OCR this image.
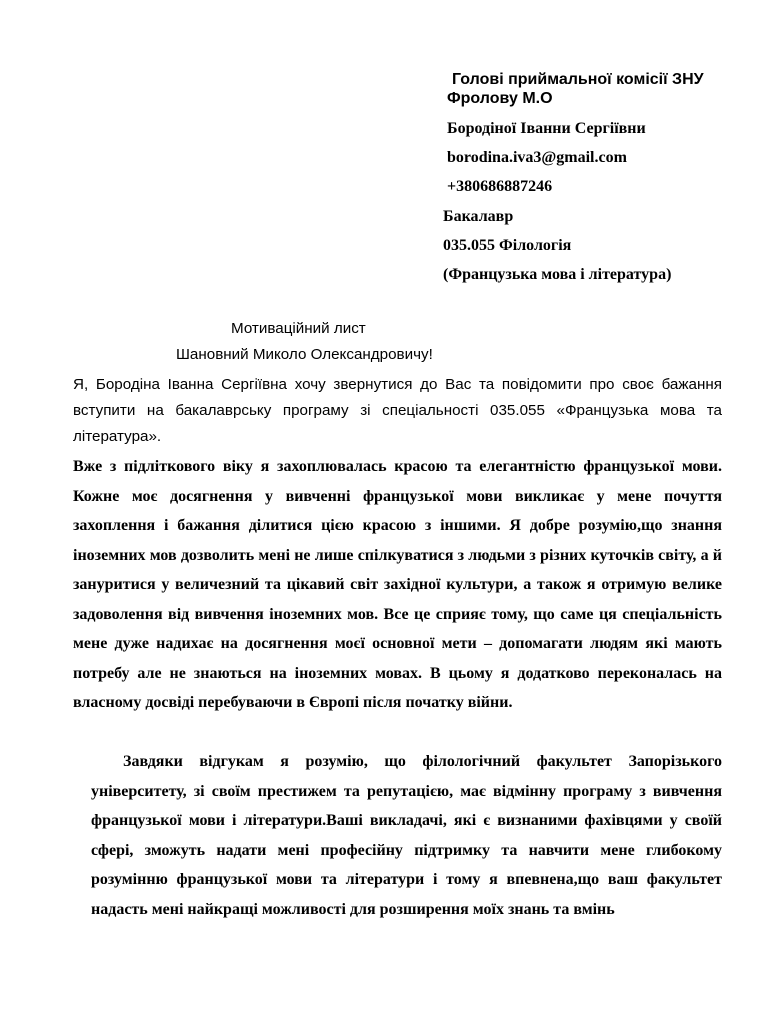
Голові приймальної комісії ЗНУ
Фролову М.О
Бородіної Іванни Сергіївни
borodina.iva3@gmail.com
+380686887246
Бакалавр
035.055 Філологія
(Французька мова і література)
Мотиваційний лист
Шановний Миколо Олександровичу!

Я, Бородіна Іванна Сергіївна хочу звернутися до Вас та повідомити про своє бажання вступити на бакалаврську програму зі спеціальності 035.055 «Французька мова та література».

Вже з підліткового віку я захоплювалась красою та елегантністю французької мови. Кожне моє досягнення у вивченні французької мови викликає у мене почуття захоплення і бажання ділитися цією красою з іншими. Я добре розумію,що знання іноземних мов дозволить мені не лише спілкуватися з людьми з різних куточків світу, а й зануритися у величезний та цікавий світ західної культури, а також я отримую велике задоволення від вивчення іноземних мов. Все це сприяє тому, що саме ця спеціальність мене дуже надихає на досягнення моєї основної мети – допомагати людям які мають потребу але не знаються на іноземних мовах. В цьому я додатково переконалась на власному досвіді перебуваючи в Європі після початку війни.

Завдяки відгукам я розумію, що філологічний факультет Запорізького університету, зі своїм престижем та репутацією, має відмінну програму з вивчення французької мови і літератури.Ваші викладачі, які є визнаними фахівцями у своїй сфері, зможуть надати мені професійну підтримку та навчити мене глибокому розумінню французької мови та літератури і тому я впевнена,що ваш факультет надасть мені найкращі можливості для розширення моїх знань та вмінь
